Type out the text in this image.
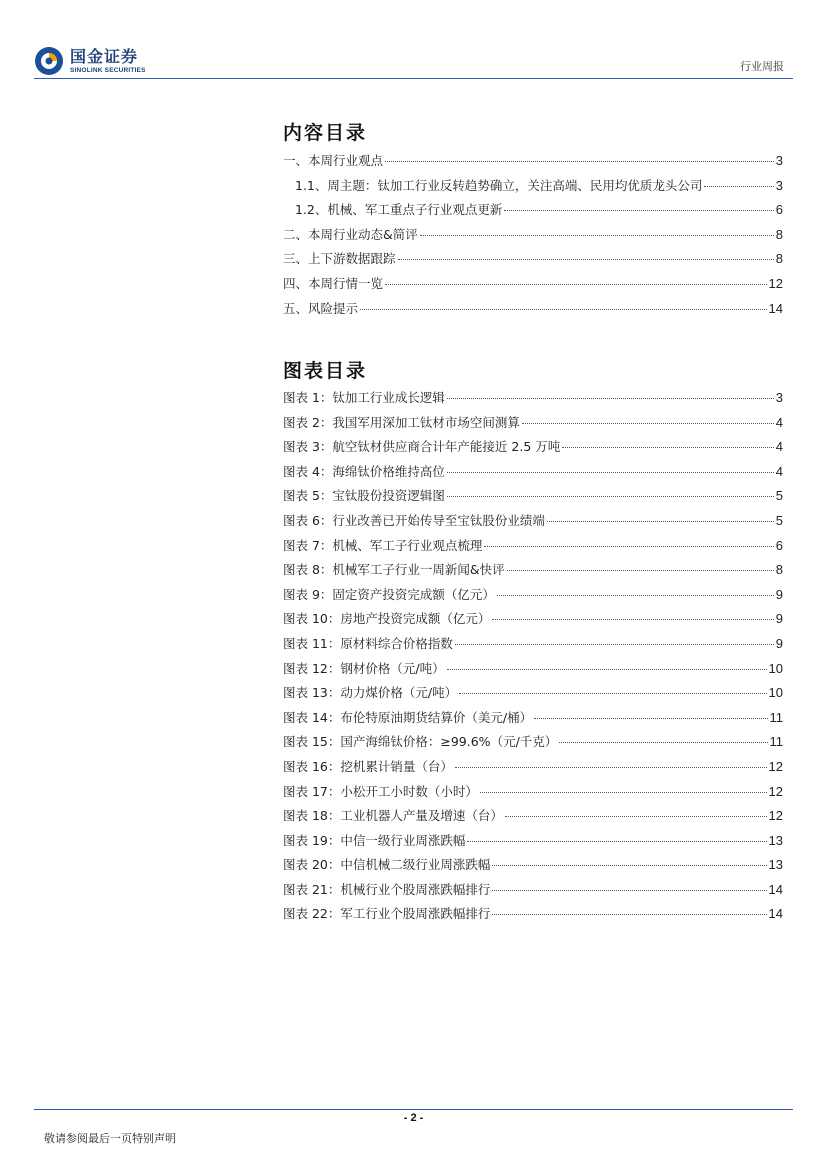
国金证券
SINOLINK SECURITIES	行业周报
内容目录
一、本周行业观点	3
1.1、周主题：钛加工行业反转趋势确立，关注高端、民用均优质龙头公司	3
1.2、机械、军工重点子行业观点更新	6
二、本周行业动态&简评	8
三、上下游数据跟踪	8
四、本周行情一览	12
五、风险提示	14
图表目录
图表 1：钛加工行业成长逻辑	3
图表 2：我国军用深加工钛材市场空间测算	4
图表 3：航空钛材供应商合计年产能接近 2.5 万吨	4
图表 4：海绵钛价格维持高位	4
图表 5：宝钛股份投资逻辑图	5
图表 6：行业改善已开始传导至宝钛股份业绩端	5
图表 7：机械、军工子行业观点梳理	6
图表 8：机械军工子行业一周新闻&快评	8
图表 9：固定资产投资完成额（亿元）	9
图表 10：房地产投资完成额（亿元）	9
图表 11：原材料综合价格指数	9
图表 12：钢材价格（元/吨）	10
图表 13：动力煤价格（元/吨）	10
图表 14：布伦特原油期货结算价（美元/桶）	11
图表 15：国产海绵钛价格：≥99.6%（元/千克）	11
图表 16：挖机累计销量（台）	12
图表 17：小松开工小时数（小时）	12
图表 18：工业机器人产量及增速（台）	12
图表 19：中信一级行业周涨跌幅	13
图表 20：中信机械二级行业周涨跌幅	13
图表 21：机械行业个股周涨跌幅排行	14
图表 22：军工行业个股周涨跌幅排行	14
- 2 -
敬请参阅最后一页特别声明
